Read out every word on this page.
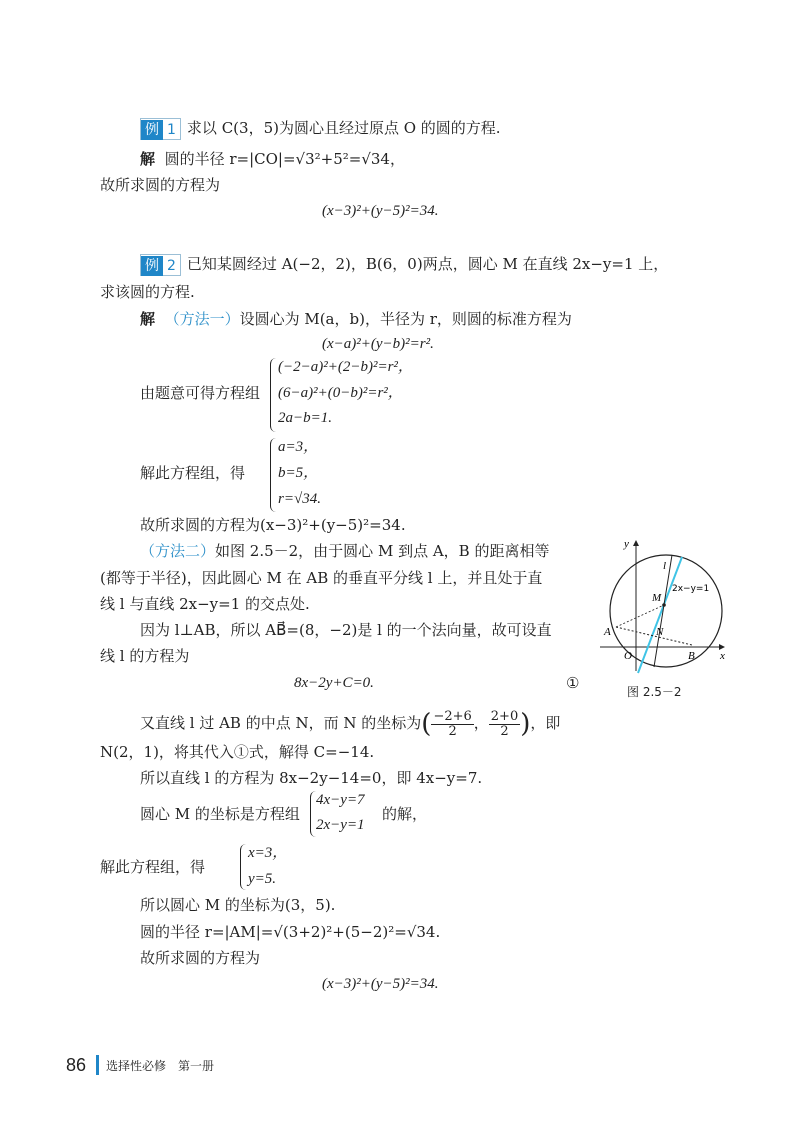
例 1 求以 C(3，5)为圆心且经过原点 O 的圆的方程.
解 圆的半径 r=|CO|=√3²+5²=√34，
故所求圆的方程为
(x−3)²+(y−5)²=34.
例 2 已知某圆经过 A(−2，2)，B(6，0)两点，圆心 M 在直线 2x−y=1 上，
求该圆的方程.
解 （方法一）设圆心为 M(a，b)，半径为 r，则圆的标准方程为
(x−a)²+(y−b)²=r².
由题意可得方程组
(−2−a)²+(2−b)²=r²，
(6−a)²+(0−b)²=r²，
2a−b=1.
解此方程组，得
a=3，
b=5，
r=√34.
故所求圆的方程为(x−3)²+(y−5)²=34.
（方法二）如图 2.5－2，由于圆心 M 到点 A，B 的距离相等
(都等于半径)，因此圆心 M 在 AB 的垂直平分线 l 上，并且处于直
线 l 与直线 2x−y=1 的交点处.
因为 l⊥AB，所以 AB⃗=(8，−2)是 l 的一个法向量，故可设直
线 l 的方程为
8x−2y+C=0.	①
又直线 l 过 AB 的中点 N，而 N 的坐标为( $\frac{-2+6}{2}$ ， $\frac{2+0}{2}$ )，即
N(2，1)，将其代入①式，解得 C=−14.
所以直线 l 的方程为 8x−2y−14=0，即 4x−y=7.
圆心 M 的坐标是方程组
4x−y=7
2x−y=1
的解，
解此方程组，得
x=3，
y=5.
所以圆心 M 的坐标为(3，5).
圆的半径 r=|AM|=√(3+2)²+(5−2)²=√34.
故所求圆的方程为
(x−3)²+(y−5)²=34.
y
x
O
A
B
M
N
l
2x−y=1
图 2.5－2
86 选择性必修　第一册
